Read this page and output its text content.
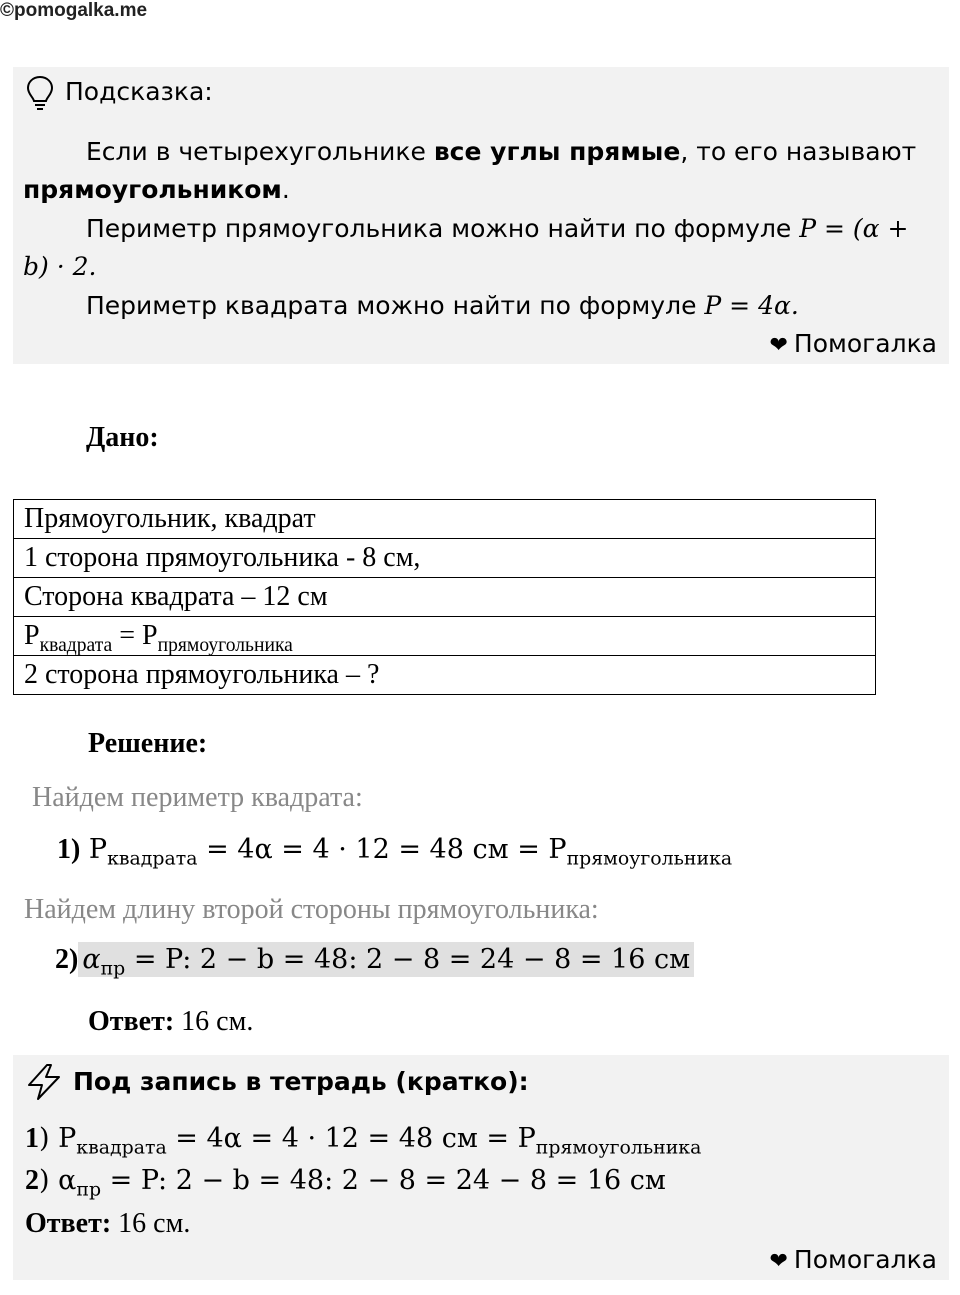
©pomogalka.me
Подсказка:
Если в четырехугольнике все углы прямые, то его называют
прямоугольником.
Периметр прямоугольника можно найти по формуле P = (α +
b) · 2.
Периметр квадрата можно найти по формуле P = 4α.
❤ Помогалка
Дано:
Прямоугольник, квадрат
1 сторона прямоугольника - 8 см,
Сторона квадрата – 12 см
$P_{квадрата} = P_{прямоугольника}$
2 сторона прямоугольника – ?
Решение:
Найдем периметр квадрата:
1) $P_{квадрата} = 4\alpha = 4 \cdot 12 = 48$ см = $P_{прямоугольника}$
Найдем длину второй стороны прямоугольника:
2) $\alpha_{пр} = P$: 2 − b = 48: 2 − 8 = 24 − 8 = 16 см
Ответ: 16 см.
Под запись в тетрадь (кратко):
1) $P_{квадрата} = 4\alpha = 4 \cdot 12 = 48$ см = $P_{прямоугольника}$
2) $\alpha_{пр} = P$: 2 − b = 48: 2 − 8 = 24 − 8 = 16 см
Ответ: 16 см.
❤ Помогалка
